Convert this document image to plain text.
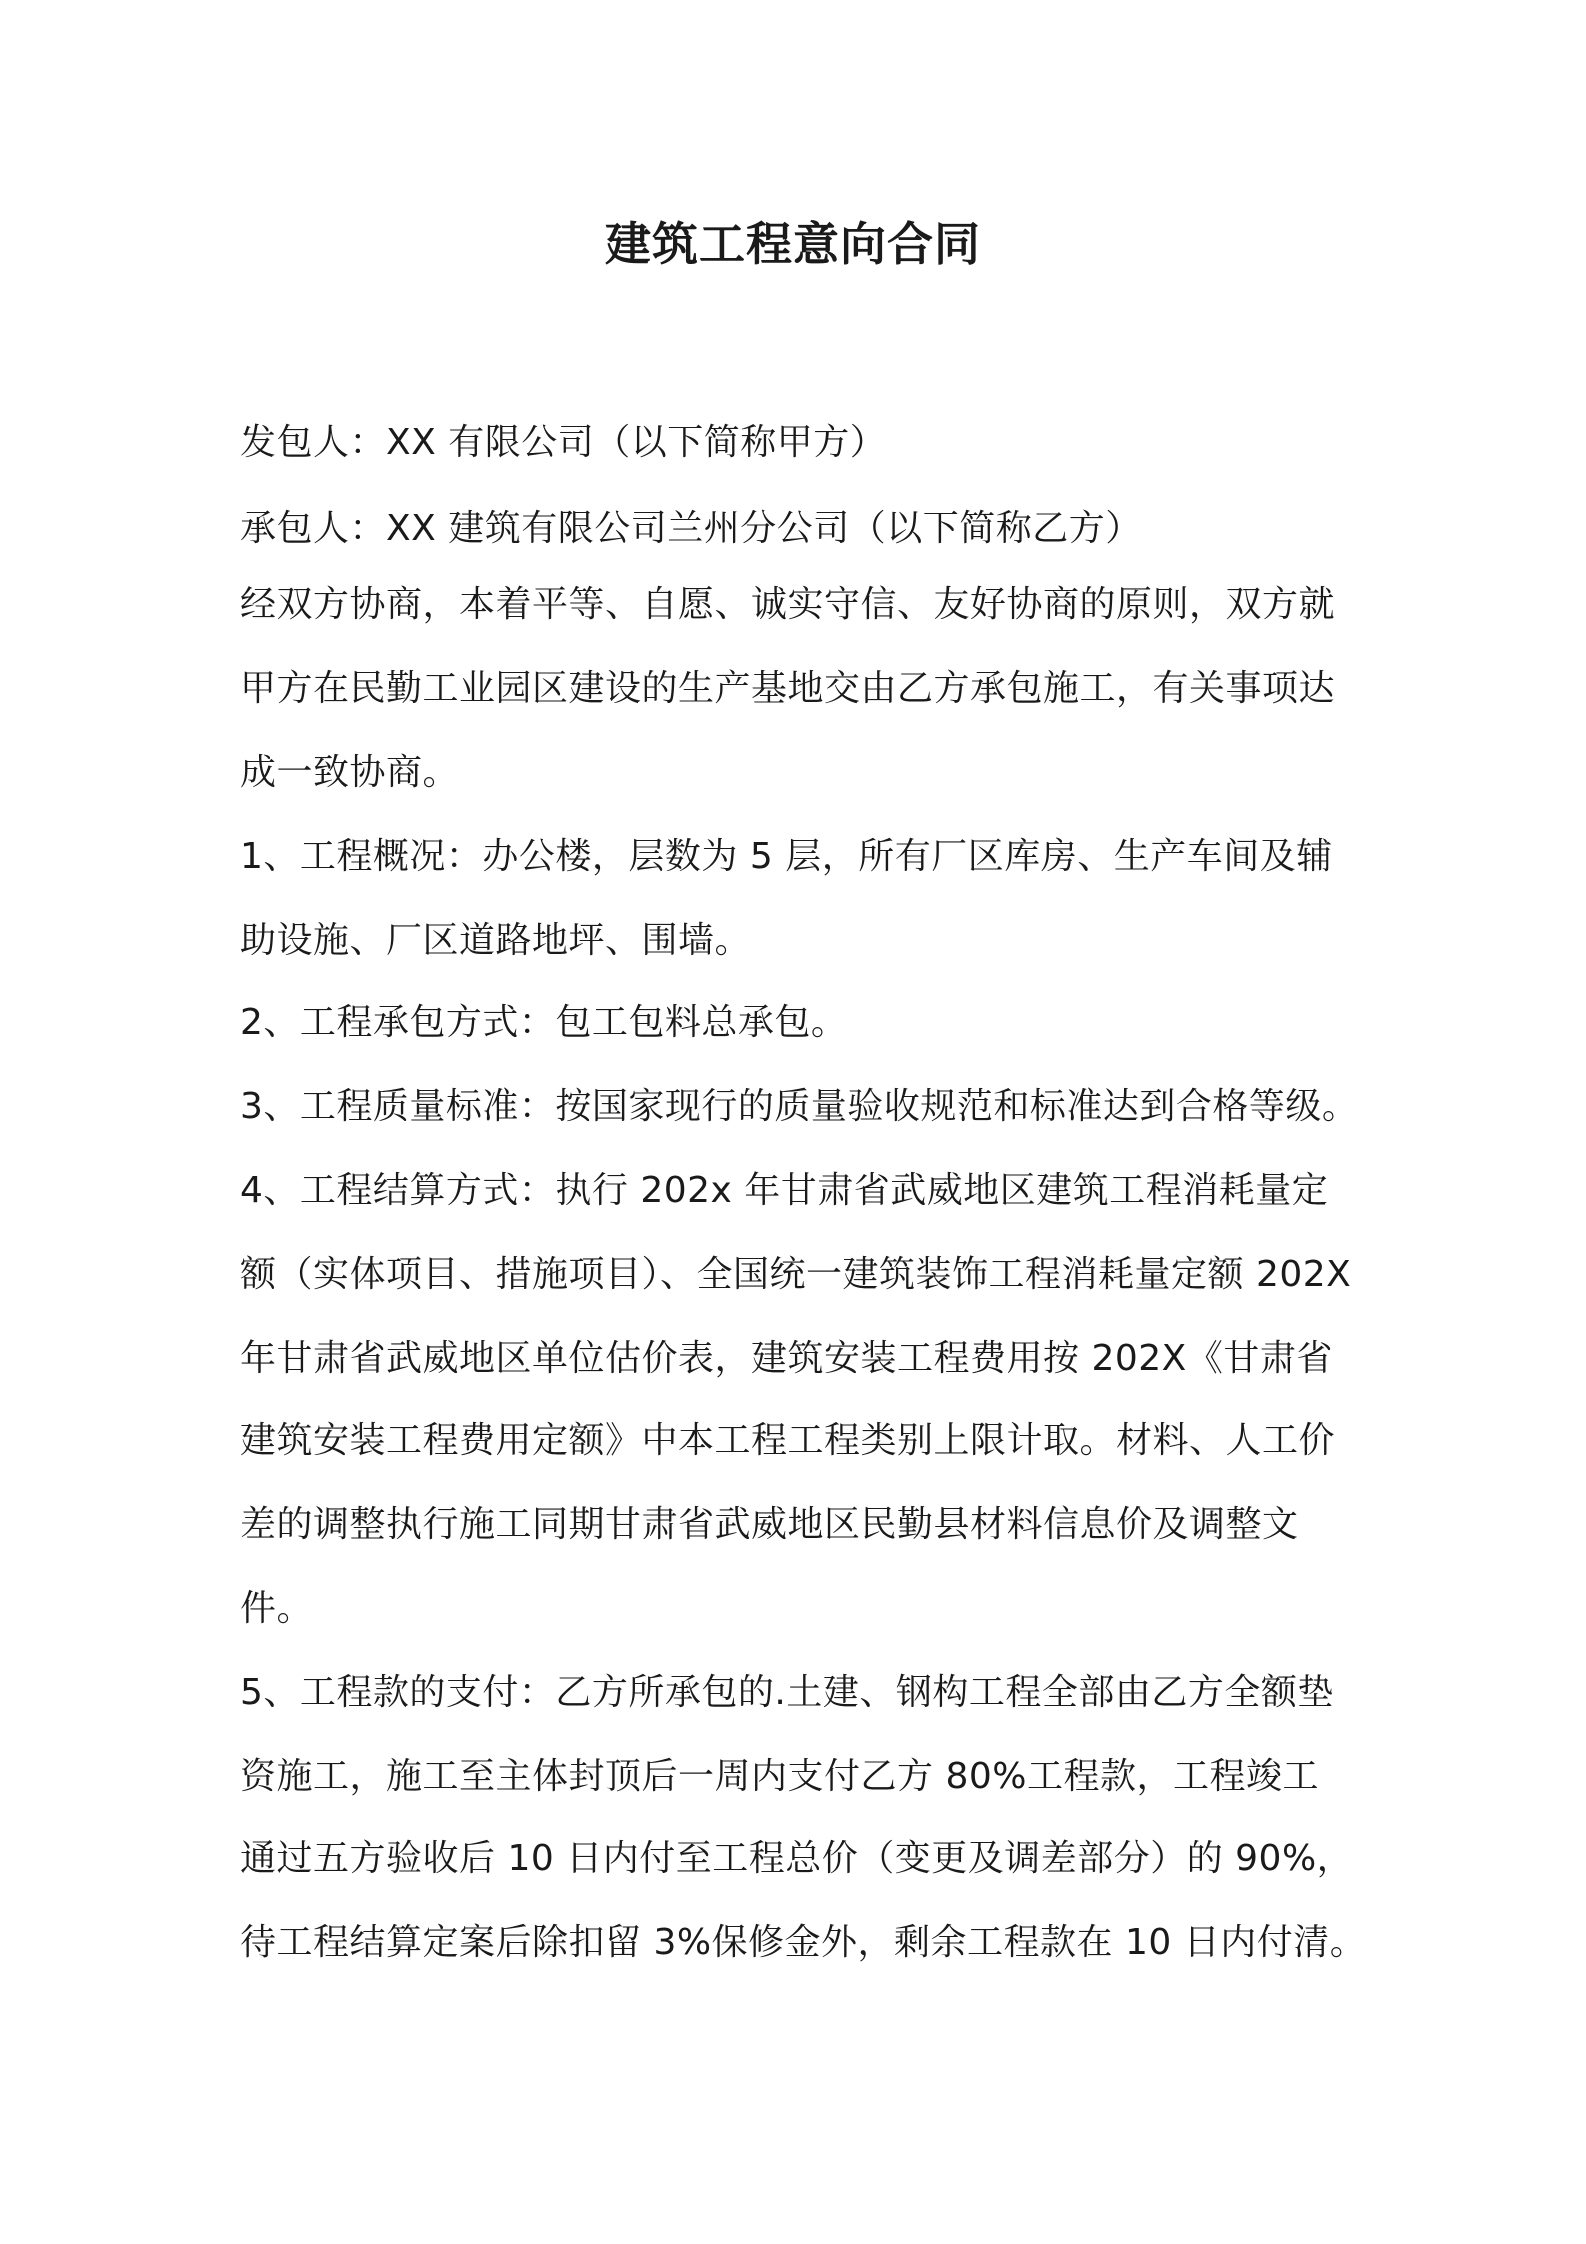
建筑工程意向合同
发包人：XX 有限公司（以下简称甲方）
承包人：XX 建筑有限公司兰州分公司（以下简称乙方）
经双方协商，本着平等、自愿、诚实守信、友好协商的原则，双方就
甲方在民勤工业园区建设的生产基地交由乙方承包施工，有关事项达
成一致协商。
1、工程概况：办公楼，层数为 5 层，所有厂区库房、生产车间及辅
助设施、厂区道路地坪、围墙。
2、工程承包方式：包工包料总承包。
3、工程质量标准：按国家现行的质量验收规范和标准达到合格等级。
4、工程结算方式：执行 202x 年甘肃省武威地区建筑工程消耗量定
额（实体项目、措施项目）、全国统一建筑装饰工程消耗量定额 202X
年甘肃省武威地区单位估价表，建筑安装工程费用按 202X《甘肃省
建筑安装工程费用定额》中本工程工程类别上限计取。材料、人工价
差的调整执行施工同期甘肃省武威地区民勤县材料信息价及调整文
件。
5、工程款的支付：乙方所承包的.土建、钢构工程全部由乙方全额垫
资施工，施工至主体封顶后一周内支付乙方 80%工程款，工程竣工
通过五方验收后 10 日内付至工程总价（变更及调差部分）的 90%，
待工程结算定案后除扣留 3%保修金外，剩余工程款在 10 日内付清。
